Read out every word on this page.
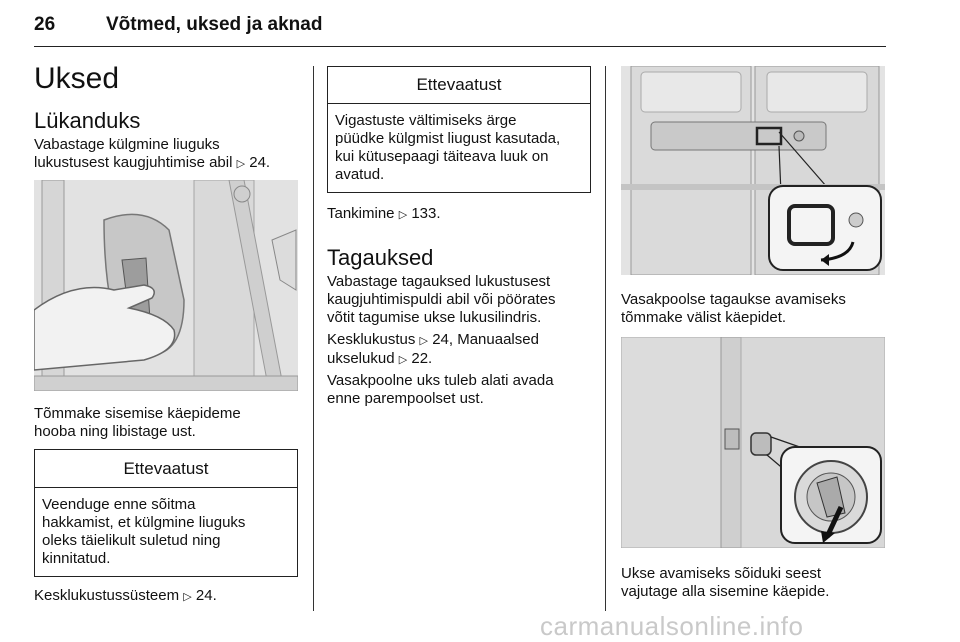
26	Võtmed, uksed ja aknad
Uksed
Lükanduks
Vabastage külgmine liuguks
lukustusest kaugjuhtimise abil ▷ 24.
Tõmmake sisemise käepideme
hooba ning libistage ust.
Ettevaatust
Veenduge enne sõitma
hakkamist, et külgmine liuguks
oleks täielikult suletud ning
kinnitatud.
Kesklukustussüsteem ▷ 24.
Ettevaatust
Vigastuste vältimiseks ärge
püüdke külgmist liugust kasutada,
kui kütusepaagi täiteava luuk on
avatud.
Tankimine ▷ 133.
Tagauksed
Vabastage tagauksed lukustusest
kaugjuhtimispuldi abil või pöörates
võtit tagumise ukse lukusilindris.
Kesklukustus ▷ 24, Manuaalsed
ukselukud ▷ 22.
Vasakpoolne uks tuleb alati avada
enne parempoolset ust.
Vasakpoolse tagaukse avamiseks
tõmmake välist käepidet.
Ukse avamiseks sõiduki seest
vajutage alla sisemine käepide.
carmanualsonline.info
